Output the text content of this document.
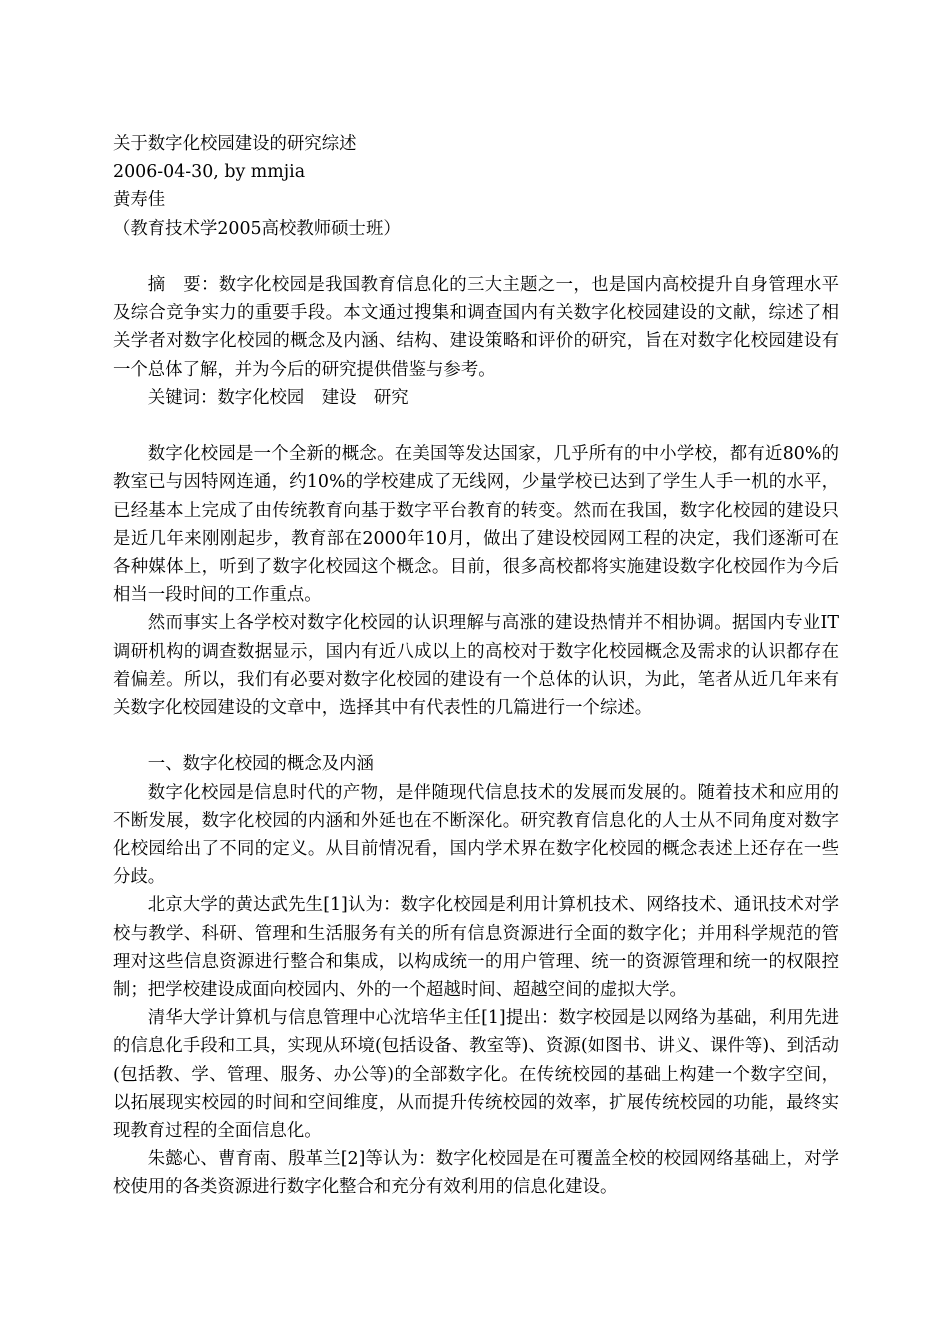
关于数字化校园建设的研究综述

2006-04-30, by mmjia

黄寿佳

（教育技术学2005高校教师硕士班）

摘　要：数字化校园是我国教育信息化的三大主题之一，也是国内高校提升自身管理水平及综合竞争实力的重要手段。本文通过搜集和调查国内有关数字化校园建设的文献，综述了相关学者对数字化校园的概念及内涵、结构、建设策略和评价的研究，旨在对数字化校园建设有一个总体了解，并为今后的研究提供借鉴与参考。

关键词：数字化校园　建设　研究

数字化校园是一个全新的概念。在美国等发达国家，几乎所有的中小学校，都有近80%的教室已与因特网连通，约10%的学校建成了无线网，少量学校已达到了学生人手一机的水平，已经基本上完成了由传统教育向基于数字平台教育的转变。然而在我国，数字化校园的建设只是近几年来刚刚起步，教育部在2000年10月，做出了建设校园网工程的决定，我们逐渐可在各种媒体上，听到了数字化校园这个概念。目前，很多高校都将实施建设数字化校园作为今后相当一段时间的工作重点。

然而事实上各学校对数字化校园的认识理解与高涨的建设热情并不相协调。据国内专业IT调研机构的调查数据显示，国内有近八成以上的高校对于数字化校园概念及需求的认识都存在着偏差。所以，我们有必要对数字化校园的建设有一个总体的认识，为此，笔者从近几年来有关数字化校园建设的文章中，选择其中有代表性的几篇进行一个综述。

一、数字化校园的概念及内涵

数字化校园是信息时代的产物，是伴随现代信息技术的发展而发展的。随着技术和应用的不断发展，数字化校园的内涵和外延也在不断深化。研究教育信息化的人士从不同角度对数字化校园给出了不同的定义。从目前情况看，国内学术界在数字化校园的概念表述上还存在一些分歧。

北京大学的黄达武先生[1]认为：数字化校园是利用计算机技术、网络技术、通讯技术对学校与教学、科研、管理和生活服务有关的所有信息资源进行全面的数字化；并用科学规范的管理对这些信息资源进行整合和集成，以构成统一的用户管理、统一的资源管理和统一的权限控制；把学校建设成面向校园内、外的一个超越时间、超越空间的虚拟大学。

清华大学计算机与信息管理中心沈培华主任[1]提出：数字校园是以网络为基础，利用先进的信息化手段和工具，实现从环境(包括设备、教室等)、资源(如图书、讲义、课件等)、到活动(包括教、学、管理、服务、办公等)的全部数字化。在传统校园的基础上构建一个数字空间，以拓展现实校园的时间和空间维度，从而提升传统校园的效率，扩展传统校园的功能，最终实现教育过程的全面信息化。

朱懿心、曹育南、殷革兰[2]等认为：数字化校园是在可覆盖全校的校园网络基础上，对学校使用的各类资源进行数字化整合和充分有效利用的信息化建设。
